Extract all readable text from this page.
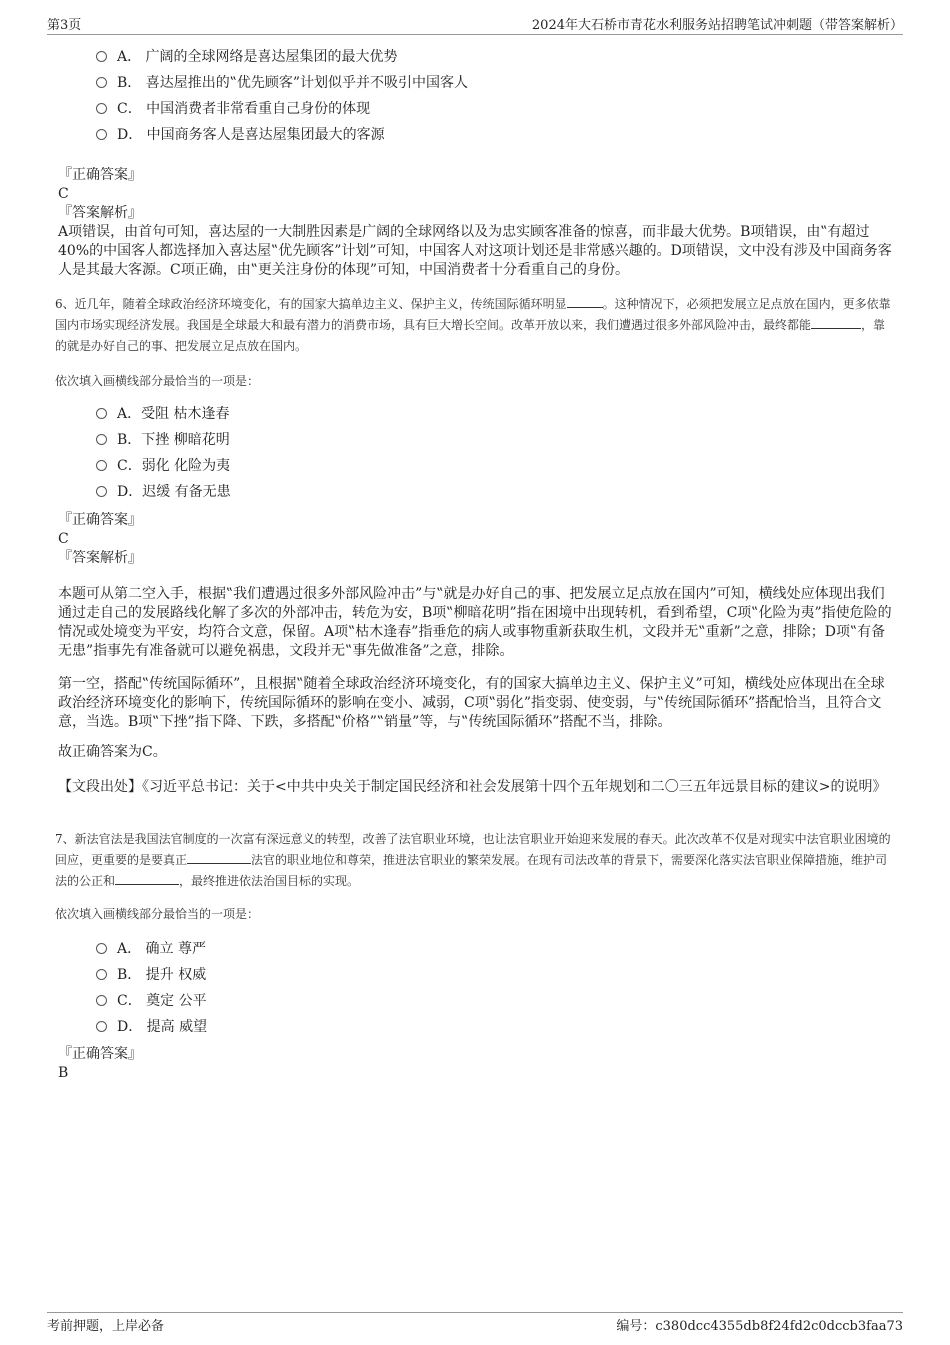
第3页	2024年大石桥市青花水利服务站招聘笔试冲刺题（带答案解析）
A． 广阔的全球网络是喜达屋集团的最大优势
B． 喜达屋推出的‟优先顾客”计划似乎并不吸引中国客人
C． 中国消费者非常看重自己身份的体现
D． 中国商务客人是喜达屋集团最大的客源
『正确答案』
C
『答案解析』
A项错误，由首句可知，喜达屋的一大制胜因素是广阔的全球网络以及为忠实顾客准备的惊喜，而非最大优势。B项错误，由‟有超过40%的中国客人都选择加入喜达屋‟优先顾客”计划”可知，中国客人对这项计划还是非常感兴趣的。D项错误，文中没有涉及中国商务客人是其最大客源。C项正确，由‟更关注身份的体现”可知，中国消费者十分看重自己的身份。
6、近几年，随着全球政治经济环境变化，有的国家大搞单边主义、保护主义，传统国际循环明显	。这种情况下，必须把发展立足点放在国内，更多依靠国内市场实现经济发展。我国是全球最大和最有潜力的消费市场，具有巨大增长空间。改革开放以来，我们遭遇过很多外部风险冲击，最终都能	，靠的就是办好自己的事、把发展立足点放在国内。
依次填入画横线部分最恰当的一项是：
A．受阻 枯木逢春
B．下挫 柳暗花明
C．弱化 化险为夷
D．迟缓 有备无患
『正确答案』
C
『答案解析』
本题可从第二空入手，根据‟我们遭遇过很多外部风险冲击”与‟就是办好自己的事、把发展立足点放在国内”可知，横线处应体现出我们通过走自己的发展路线化解了多次的外部冲击，转危为安，B项‟柳暗花明”指在困境中出现转机，看到希望，C项‟化险为夷”指使危险的情况或处境变为平安，均符合文意，保留。A项‟枯木逢春”指垂危的病人或事物重新获取生机，文段并无‟重新”之意，排除；D项‟有备无患”指事先有准备就可以避免祸患，文段并无‟事先做准备”之意，排除。
第一空，搭配‟传统国际循环”，且根据‟随着全球政治经济环境变化，有的国家大搞单边主义、保护主义”可知，横线处应体现出在全球政治经济环境变化的影响下，传统国际循环的影响在变小、减弱，C项‟弱化”指变弱、使变弱，与‟传统国际循环”搭配恰当，且符合文意，当选。B项‟下挫”指下降、下跌，多搭配‟价格”‟销量”等，与‟传统国际循环”搭配不当，排除。
故正确答案为C。
【文段出处】《习近平总书记：关于<中共中央关于制定国民经济和社会发展第十四个五年规划和二〇三五年远景目标的建议>的说明》
7、新法官法是我国法官制度的一次富有深远意义的转型，改善了法官职业环境，也让法官职业开始迎来发展的春天。此次改革不仅是对现实中法官职业困境的回应，更重要的是要真正	法官的职业地位和尊荣，推进法官职业的繁荣发展。在现有司法改革的背景下，需要深化落实法官职业保障措施，维护司法的公正和	，最终推进依法治国目标的实现。
依次填入画横线部分最恰当的一项是：
A． 确立 尊严
B． 提升 权威
C． 奠定 公平
D． 提高 威望
『正确答案』
B
考前押题，上岸必备	编号：c380dcc4355db8f24fd2c0dccb3faa73
